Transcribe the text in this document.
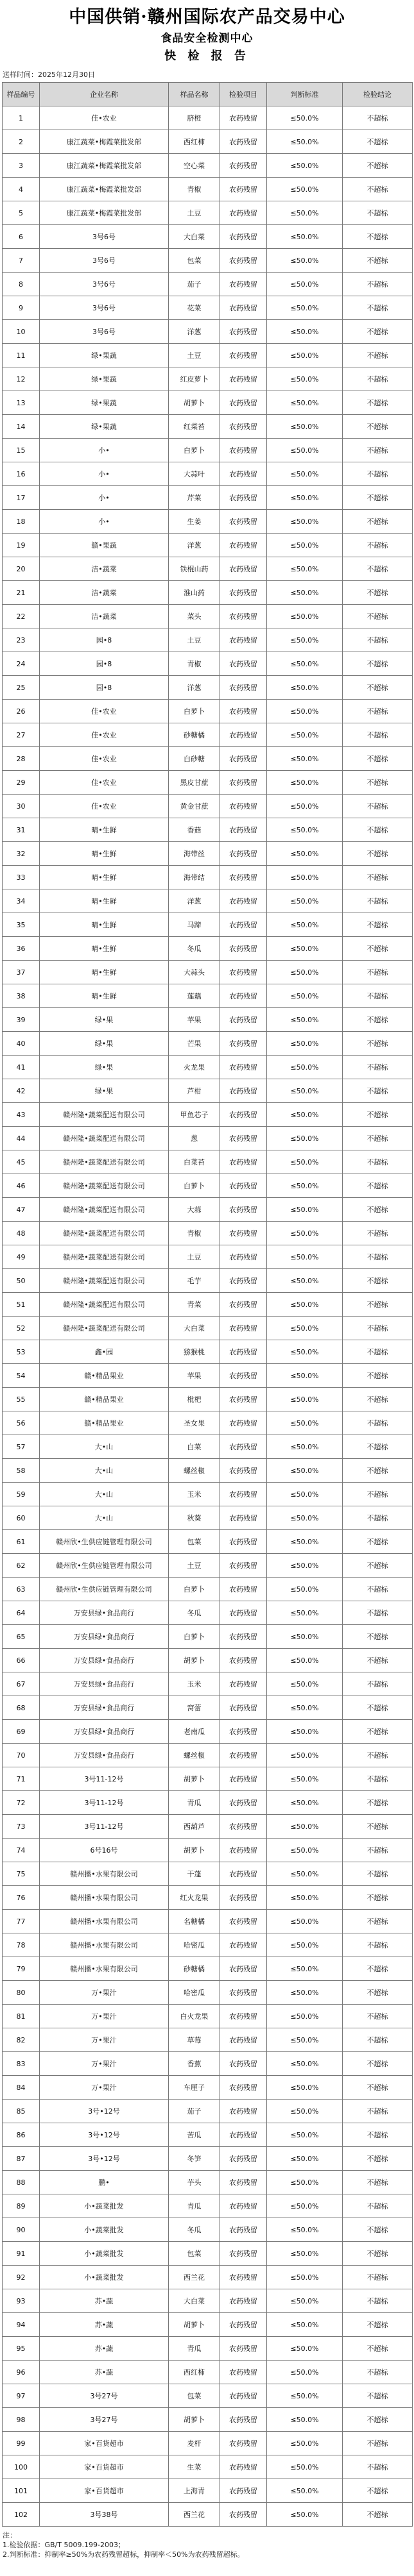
中国供销·赣州国际农产品交易中心
食品安全检测中心
快 检 报 告
送样时间：2025年12月30日
样品编号	企业名称	样品名称	检验项目	判断标准	检验结论
1	佳•农业	脐橙	农药残留	≤50.0%	不超标
2	康江蔬菜•梅霞菜批发部	西红柿	农药残留	≤50.0%	不超标
3	康江蔬菜•梅霞菜批发部	空心菜	农药残留	≤50.0%	不超标
4	康江蔬菜•梅霞菜批发部	青椒	农药残留	≤50.0%	不超标
5	康江蔬菜•梅霞菜批发部	土豆	农药残留	≤50.0%	不超标
6	3号6号	大白菜	农药残留	≤50.0%	不超标
7	3号6号	包菜	农药残留	≤50.0%	不超标
8	3号6号	茄子	农药残留	≤50.0%	不超标
9	3号6号	花菜	农药残留	≤50.0%	不超标
10	3号6号	洋葱	农药残留	≤50.0%	不超标
11	绿•果蔬	土豆	农药残留	≤50.0%	不超标
12	绿•果蔬	红皮萝卜	农药残留	≤50.0%	不超标
13	绿•果蔬	胡萝卜	农药残留	≤50.0%	不超标
14	绿•果蔬	红菜苔	农药残留	≤50.0%	不超标
15	小•	白萝卜	农药残留	≤50.0%	不超标
16	小•	大蒜叶	农药残留	≤50.0%	不超标
17	小•	芹菜	农药残留	≤50.0%	不超标
18	小•	生姜	农药残留	≤50.0%	不超标
19	赣•果蔬	洋葱	农药残留	≤50.0%	不超标
20	洁•蔬菜	铁棍山药	农药残留	≤50.0%	不超标
21	洁•蔬菜	淮山药	农药残留	≤50.0%	不超标
22	洁•蔬菜	菜头	农药残留	≤50.0%	不超标
23	园•8	土豆	农药残留	≤50.0%	不超标
24	园•8	青椒	农药残留	≤50.0%	不超标
25	园•8	洋葱	农药残留	≤50.0%	不超标
26	佳•农业	白萝卜	农药残留	≤50.0%	不超标
27	佳•农业	砂糖橘	农药残留	≤50.0%	不超标
28	佳•农业	白砂糖	农药残留	≤50.0%	不超标
29	佳•农业	黑皮甘蔗	农药残留	≤50.0%	不超标
30	佳•农业	黄金甘蔗	农药残留	≤50.0%	不超标
31	晴•生鲜	香菇	农药残留	≤50.0%	不超标
32	晴•生鲜	海带丝	农药残留	≤50.0%	不超标
33	晴•生鲜	海带结	农药残留	≤50.0%	不超标
34	晴•生鲜	洋葱	农药残留	≤50.0%	不超标
35	晴•生鲜	马蹄	农药残留	≤50.0%	不超标
36	晴•生鲜	冬瓜	农药残留	≤50.0%	不超标
37	晴•生鲜	大蒜头	农药残留	≤50.0%	不超标
38	晴•生鲜	莲藕	农药残留	≤50.0%	不超标
39	绿•果	苹果	农药残留	≤50.0%	不超标
40	绿•果	芒果	农药残留	≤50.0%	不超标
41	绿•果	火龙果	农药残留	≤50.0%	不超标
42	绿•果	芦柑	农药残留	≤50.0%	不超标
43	赣州隆•蔬菜配送有限公司	甲鱼芯子	农药残留	≤50.0%	不超标
44	赣州隆•蔬菜配送有限公司	葱	农药残留	≤50.0%	不超标
45	赣州隆•蔬菜配送有限公司	白菜苔	农药残留	≤50.0%	不超标
46	赣州隆•蔬菜配送有限公司	白萝卜	农药残留	≤50.0%	不超标
47	赣州隆•蔬菜配送有限公司	大蒜	农药残留	≤50.0%	不超标
48	赣州隆•蔬菜配送有限公司	青椒	农药残留	≤50.0%	不超标
49	赣州隆•蔬菜配送有限公司	土豆	农药残留	≤50.0%	不超标
50	赣州隆•蔬菜配送有限公司	毛芋	农药残留	≤50.0%	不超标
51	赣州隆•蔬菜配送有限公司	青菜	农药残留	≤50.0%	不超标
52	赣州隆•蔬菜配送有限公司	大白菜	农药残留	≤50.0%	不超标
53	鑫•园	猕猴桃	农药残留	≤50.0%	不超标
54	赣•精品果业	苹果	农药残留	≤50.0%	不超标
55	赣•精品果业	枇杷	农药残留	≤50.0%	不超标
56	赣•精品果业	圣女果	农药残留	≤50.0%	不超标
57	大•山	白菜	农药残留	≤50.0%	不超标
58	大•山	螺丝椒	农药残留	≤50.0%	不超标
59	大•山	玉米	农药残留	≤50.0%	不超标
60	大•山	秋葵	农药残留	≤50.0%	不超标
61	赣州欣•生供应链管理有限公司	包菜	农药残留	≤50.0%	不超标
62	赣州欣•生供应链管理有限公司	土豆	农药残留	≤50.0%	不超标
63	赣州欣•生供应链管理有限公司	白萝卜	农药残留	≤50.0%	不超标
64	万安县绿•食品商行	冬瓜	农药残留	≤50.0%	不超标
65	万安县绿•食品商行	白萝卜	农药残留	≤50.0%	不超标
66	万安县绿•食品商行	胡萝卜	农药残留	≤50.0%	不超标
67	万安县绿•食品商行	玉米	农药残留	≤50.0%	不超标
68	万安县绿•食品商行	窝蕾	农药残留	≤50.0%	不超标
69	万安县绿•食品商行	老南瓜	农药残留	≤50.0%	不超标
70	万安县绿•食品商行	螺丝椒	农药残留	≤50.0%	不超标
71	3号11-12号	胡萝卜	农药残留	≤50.0%	不超标
72	3号11-12号	青瓜	农药残留	≤50.0%	不超标
73	3号11-12号	西葫芦	农药残留	≤50.0%	不超标
74	6号16号	胡萝卜	农药残留	≤50.0%	不超标
75	赣州播•水果有限公司	干蓬	农药残留	≤50.0%	不超标
76	赣州播•水果有限公司	红火龙果	农药残留	≤50.0%	不超标
77	赣州播•水果有限公司	名糖橘	农药残留	≤50.0%	不超标
78	赣州播•水果有限公司	哈密瓜	农药残留	≤50.0%	不超标
79	赣州播•水果有限公司	砂糖橘	农药残留	≤50.0%	不超标
80	万•果汁	哈密瓜	农药残留	≤50.0%	不超标
81	万•果汁	白火龙果	农药残留	≤50.0%	不超标
82	万•果汁	草莓	农药残留	≤50.0%	不超标
83	万•果汁	香蕉	农药残留	≤50.0%	不超标
84	万•果汁	车厘子	农药残留	≤50.0%	不超标
85	3号•12号	茄子	农药残留	≤50.0%	不超标
86	3号•12号	苦瓜	农药残留	≤50.0%	不超标
87	3号•12号	冬笋	农药残留	≤50.0%	不超标
88	鹏•	芋头	农药残留	≤50.0%	不超标
89	小•蔬菜批发	青瓜	农药残留	≤50.0%	不超标
90	小•蔬菜批发	冬瓜	农药残留	≤50.0%	不超标
91	小•蔬菜批发	包菜	农药残留	≤50.0%	不超标
92	小•蔬菜批发	西兰花	农药残留	≤50.0%	不超标
93	苏•蔬	大白菜	农药残留	≤50.0%	不超标
94	苏•蔬	胡萝卜	农药残留	≤50.0%	不超标
95	苏•蔬	青瓜	农药残留	≤50.0%	不超标
96	苏•蔬	西红柿	农药残留	≤50.0%	不超标
97	3号27号	包菜	农药残留	≤50.0%	不超标
98	3号27号	胡萝卜	农药残留	≤50.0%	不超标
99	家•百货超市	麦杆	农药残留	≤50.0%	不超标
100	家•百货超市	生菜	农药残留	≤50.0%	不超标
101	家•百货超市	上海青	农药残留	≤50.0%	不超标
102	3号38号	西兰花	农药残留	≤50.0%	不超标
注：
1.检验依据：GB/T 5009.199-2003；
2.判断标准：抑制率≥50%为农药残留超标，抑制率＜50%为农药残留超标。
